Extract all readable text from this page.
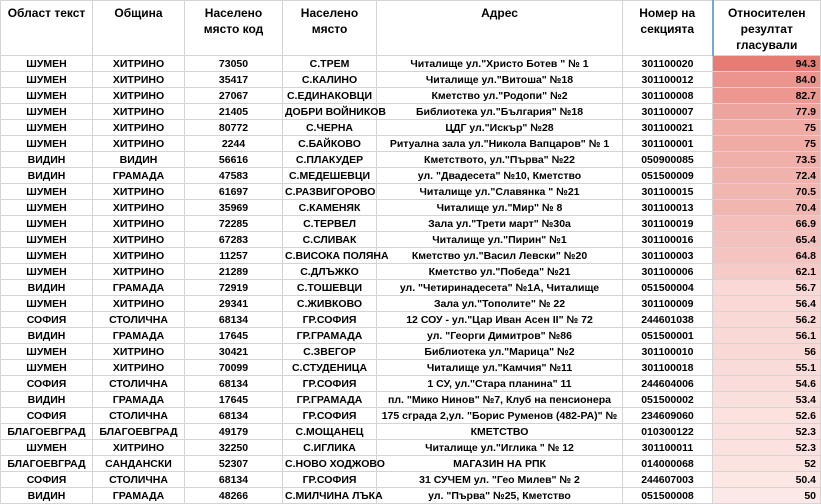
Област текст	Община	Населено място код	Населено място	Адрес	Номер на секцията	Относителен резултат гласували
ШУМЕН	ХИТРИНО	73050	С.ТРЕМ	Читалище ул."Христо Ботев " № 1	301100020	94.3
ШУМЕН	ХИТРИНО	35417	С.КАЛИНО	Читалище ул."Витоша" №18	301100012	84.0
ШУМЕН	ХИТРИНО	27067	С.ЕДИНАКОВЦИ	Кметство ул."Родопи" №2	301100008	82.7
ШУМЕН	ХИТРИНО	21405	ДОБРИ ВОЙНИКОВ	Библиотека ул."България" №18	301100007	77.9
ШУМЕН	ХИТРИНО	80772	С.ЧЕРНА	ЦДГ ул."Искър" №28	301100021	75
ШУМЕН	ХИТРИНО	2244	С.БАЙКОВО	Ритуална зала ул."Никола Вапцаров" № 1	301100001	75
ВИДИН	ВИДИН	56616	С.ПЛАКУДЕР	Кметството, ул."Първа" №22	050900085	73.5
ВИДИН	ГРАМАДА	47583	С.МЕДЕШЕВЦИ	ул. "Двадесета" №10, Кметство	051500009	72.4
ШУМЕН	ХИТРИНО	61697	С.РАЗВИГОРОВО	Читалище ул."Славянка " №21	301100015	70.5
ШУМЕН	ХИТРИНО	35969	С.КАМЕНЯК	Читалище ул."Мир" № 8	301100013	70.4
ШУМЕН	ХИТРИНО	72285	С.ТЕРВЕЛ	Зала ул."Трети март" №30а	301100019	66.9
ШУМЕН	ХИТРИНО	67283	С.СЛИВАК	Читалище ул."Пирин" №1	301100016	65.4
ШУМЕН	ХИТРИНО	11257	С.ВИСОКА ПОЛЯНА	Кметство ул."Васил Левски" №20	301100003	64.8
ШУМЕН	ХИТРИНО	21289	С.ДЛЪЖКО	Кметство ул."Победа" №21	301100006	62.1
ВИДИН	ГРАМАДА	72919	С.ТОШЕВЦИ	ул. "Четиринадесета" №1А, Читалище	051500004	56.7
ШУМЕН	ХИТРИНО	29341	С.ЖИВКОВО	Зала ул."Тополите" № 22	301100009	56.4
СОФИЯ	СТОЛИЧНА	68134	ГР.СОФИЯ	12 СОУ - ул."Цар Иван Асен II" № 72	244601038	56.2
ВИДИН	ГРАМАДА	17645	ГР.ГРАМАДА	ул. "Георги Димитров" №86	051500001	56.1
ШУМЕН	ХИТРИНО	30421	С.ЗВЕГОР	Библиотека ул."Марица" №2	301100010	56
ШУМЕН	ХИТРИНО	70099	С.СТУДЕНИЦА	Читалище ул."Камчия" №11	301100018	55.1
СОФИЯ	СТОЛИЧНА	68134	ГР.СОФИЯ	1 СУ, ул."Стара планина" 11	244604006	54.6
ВИДИН	ГРАМАДА	17645	ГР.ГРАМАДА	пл. "Мико Нинов" №7, Клуб на пенсионера	051500002	53.4
СОФИЯ	СТОЛИЧНА	68134	ГР.СОФИЯ	175 сграда 2,ул. "Борис Руменов (482-РА)" №	234609060	52.6
БЛАГОЕВГРАД	БЛАГОЕВГРАД	49179	С.МОЩАНЕЦ	КМЕТСТВО	010300122	52.3
ШУМЕН	ХИТРИНО	32250	С.ИГЛИКА	Читалище ул."Иглика " № 12	301100011	52.3
БЛАГОЕВГРАД	САНДАНСКИ	52307	С.НОВО ХОДЖОВО	МАГАЗИН НА РПК	014000068	52
СОФИЯ	СТОЛИЧНА	68134	ГР.СОФИЯ	31 СУЧЕМ ул. "Гео Милев" № 2	244607003	50.4
ВИДИН	ГРАМАДА	48266	С.МИЛЧИНА ЛЪКА	ул. "Първа" №25, Кметство	051500008	50
